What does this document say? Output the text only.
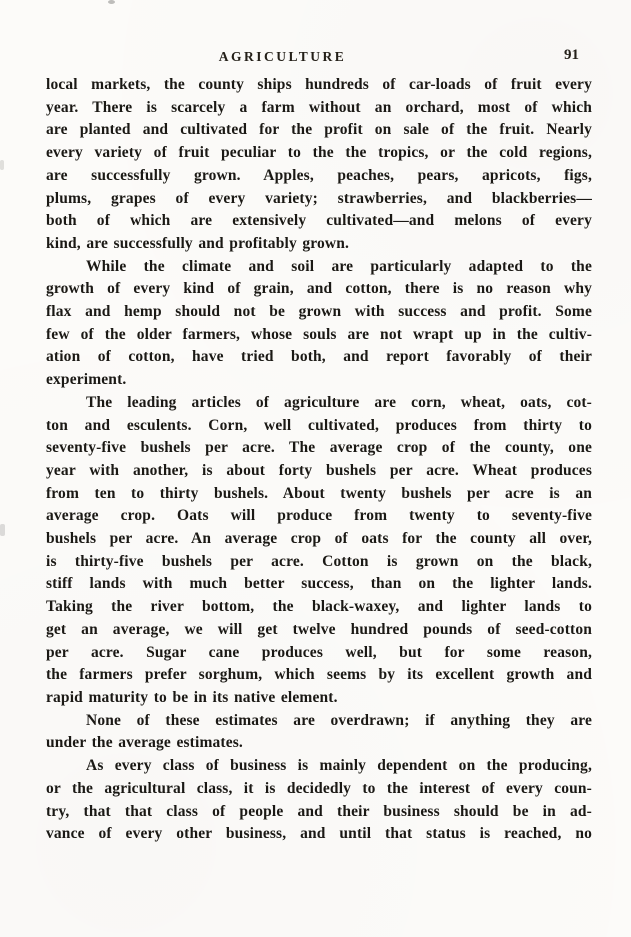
AGRICULTURE	91
local markets, the county ships hundreds of car-loads of fruit every
year. There is scarcely a farm without an orchard, most of which
are planted and cultivated for the profit on sale of the fruit. Nearly
every variety of fruit peculiar to the the tropics, or the cold regions,
are successfully grown. Apples, peaches, pears, apricots, figs,
plums, grapes of every variety; strawberries, and blackberries—
both of which are extensively cultivated—and melons of every
kind, are successfully and profitably grown.
While the climate and soil are particularly adapted to the
growth of every kind of grain, and cotton, there is no reason why
flax and hemp should not be grown with success and profit. Some
few of the older farmers, whose souls are not wrapt up in the cultiv-
ation of cotton, have tried both, and report favorably of their
experiment.
The leading articles of agriculture are corn, wheat, oats, cot-
ton and esculents. Corn, well cultivated, produces from thirty to
seventy-five bushels per acre. The average crop of the county, one
year with another, is about forty bushels per acre. Wheat produces
from ten to thirty bushels. About twenty bushels per acre is an
average crop. Oats will produce from twenty to seventy-five
bushels per acre. An average crop of oats for the county all over,
is thirty-five bushels per acre. Cotton is grown on the black,
stiff lands with much better success, than on the lighter lands.
Taking the river bottom, the black-waxey, and lighter lands to
get an average, we will get twelve hundred pounds of seed-cotton
per acre. Sugar cane produces well, but for some reason,
the farmers prefer sorghum, which seems by its excellent growth and
rapid maturity to be in its native element.
None of these estimates are overdrawn; if anything they are
under the average estimates.
As every class of business is mainly dependent on the producing,
or the agricultural class, it is decidedly to the interest of every coun-
try, that that class of people and their business should be in ad-
vance of every other business, and until that status is reached, no
